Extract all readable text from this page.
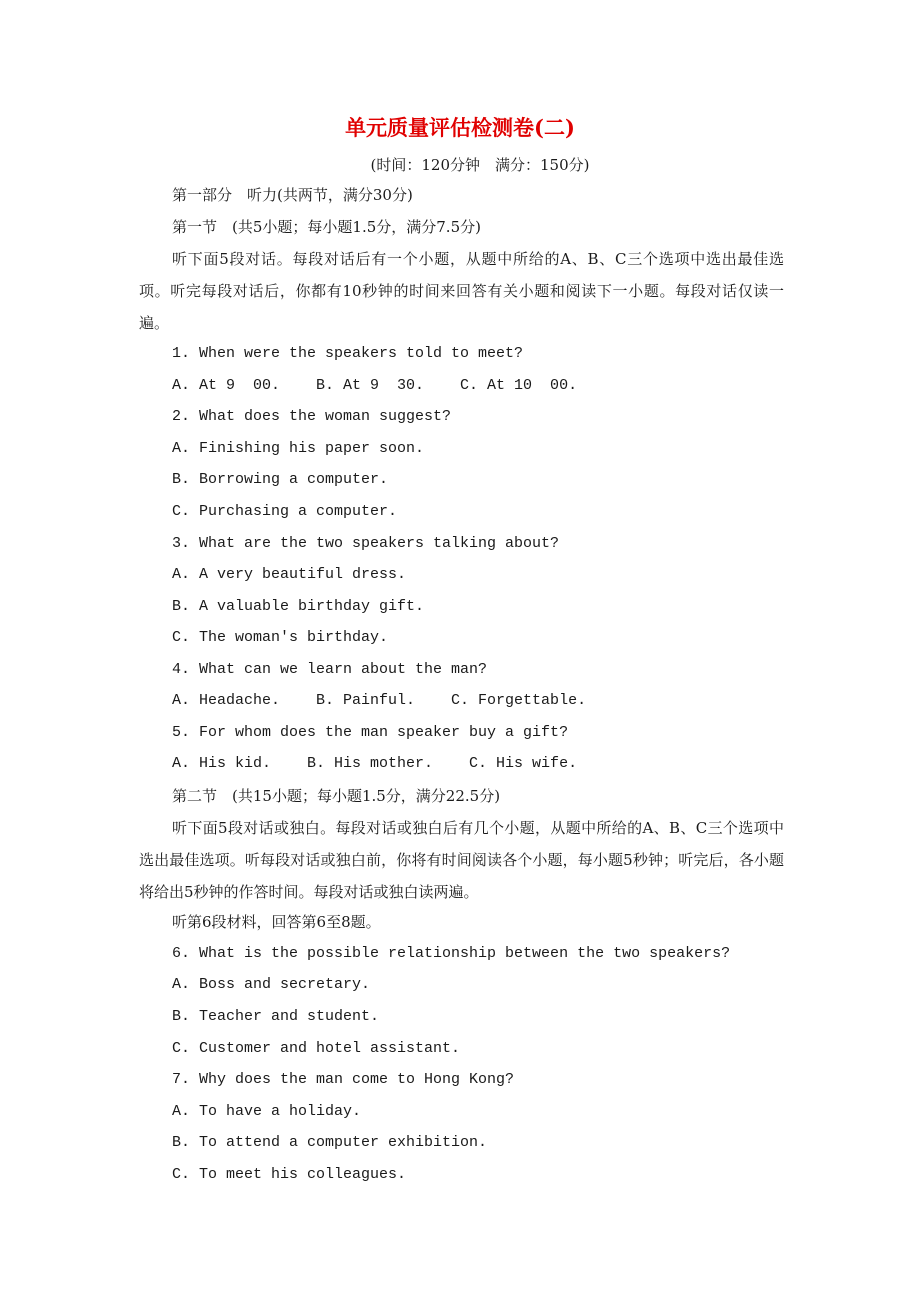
单元质量评估检测卷(二)
(时间：120分钟　满分：150分)
第一部分　听力(共两节，满分30分)
第一节　(共5小题；每小题1.5分，满分7.5分)
听下面5段对话。每段对话后有一个小题，从题中所给的A、B、C三个选项中选出最佳选项。听完每段对话后，你都有10秒钟的时间来回答有关小题和阅读下一小题。每段对话仅读一遍。
1. When were the speakers told to meet?
A. At 9  00.    B. At 9  30.    C. At 10  00.
2. What does the woman suggest?
A. Finishing his paper soon.
B. Borrowing a computer.
C. Purchasing a computer.
3. What are the two speakers talking about?
A. A very beautiful dress.
B. A valuable birthday gift.
C. The woman's birthday.
4. What can we learn about the man?
A. Headache.    B. Painful.    C. Forgettable.
5. For whom does the man speaker buy a gift?
A. His kid.    B. His mother.    C. His wife.
第二节　(共15小题；每小题1.5分，满分22.5分)
听下面5段对话或独白。每段对话或独白后有几个小题，从题中所给的A、B、C三个选项中选出最佳选项。听每段对话或独白前，你将有时间阅读各个小题，每小题5秒钟；听完后，各小题将给出5秒钟的作答时间。每段对话或独白读两遍。
听第6段材料，回答第6至8题。
6. What is the possible relationship between the two speakers?
A. Boss and secretary.
B. Teacher and student.
C. Customer and hotel assistant.
7. Why does the man come to Hong Kong?
A. To have a holiday.
B. To attend a computer exhibition.
C. To meet his colleagues.
